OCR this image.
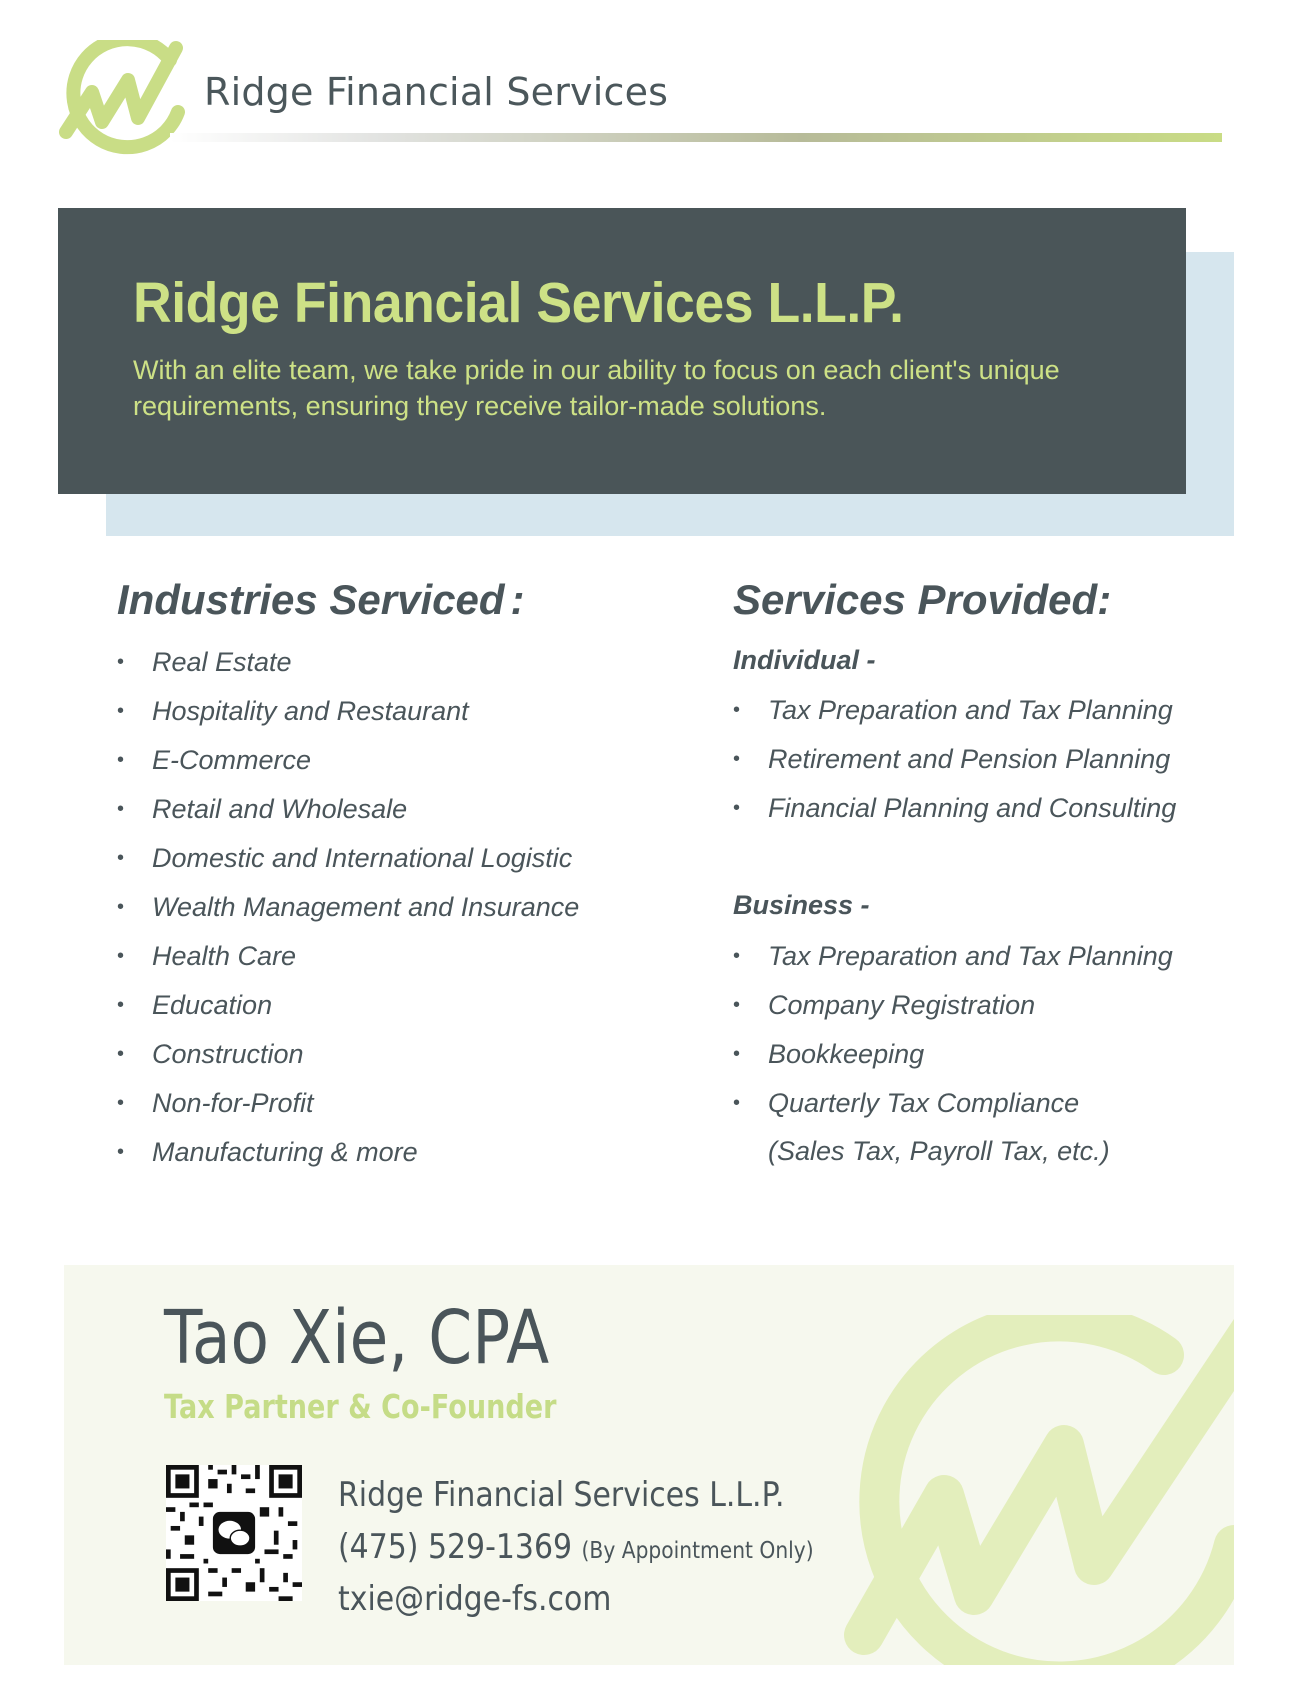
Ridge Financial Services
Ridge Financial Services L.L.P.

With an elite team, we take pride in our ability to focus on each client's unique requirements, ensuring they receive tailor-made solutions.

Industries Serviced :
• Real Estate
• Hospitality and Restaurant
• E-Commerce
• Retail and Wholesale
• Domestic and International Logistic
• Wealth Management and Insurance
• Health Care
• Education
• Construction
• Non-for-Profit
• Manufacturing & more
Services Provided:
Individual -
• Tax Preparation and Tax Planning
• Retirement and Pension Planning
• Financial Planning and Consulting
Business -
• Tax Preparation and Tax Planning
• Company Registration
• Bookkeeping
• Quarterly Tax Compliance
(Sales Tax, Payroll Tax, etc.)
Tao Xie, CPA
Tax Partner & Co-Founder
Ridge Financial Services L.L.P.
(475) 529-1369 (By Appointment Only)
txie@ridge-fs.com
